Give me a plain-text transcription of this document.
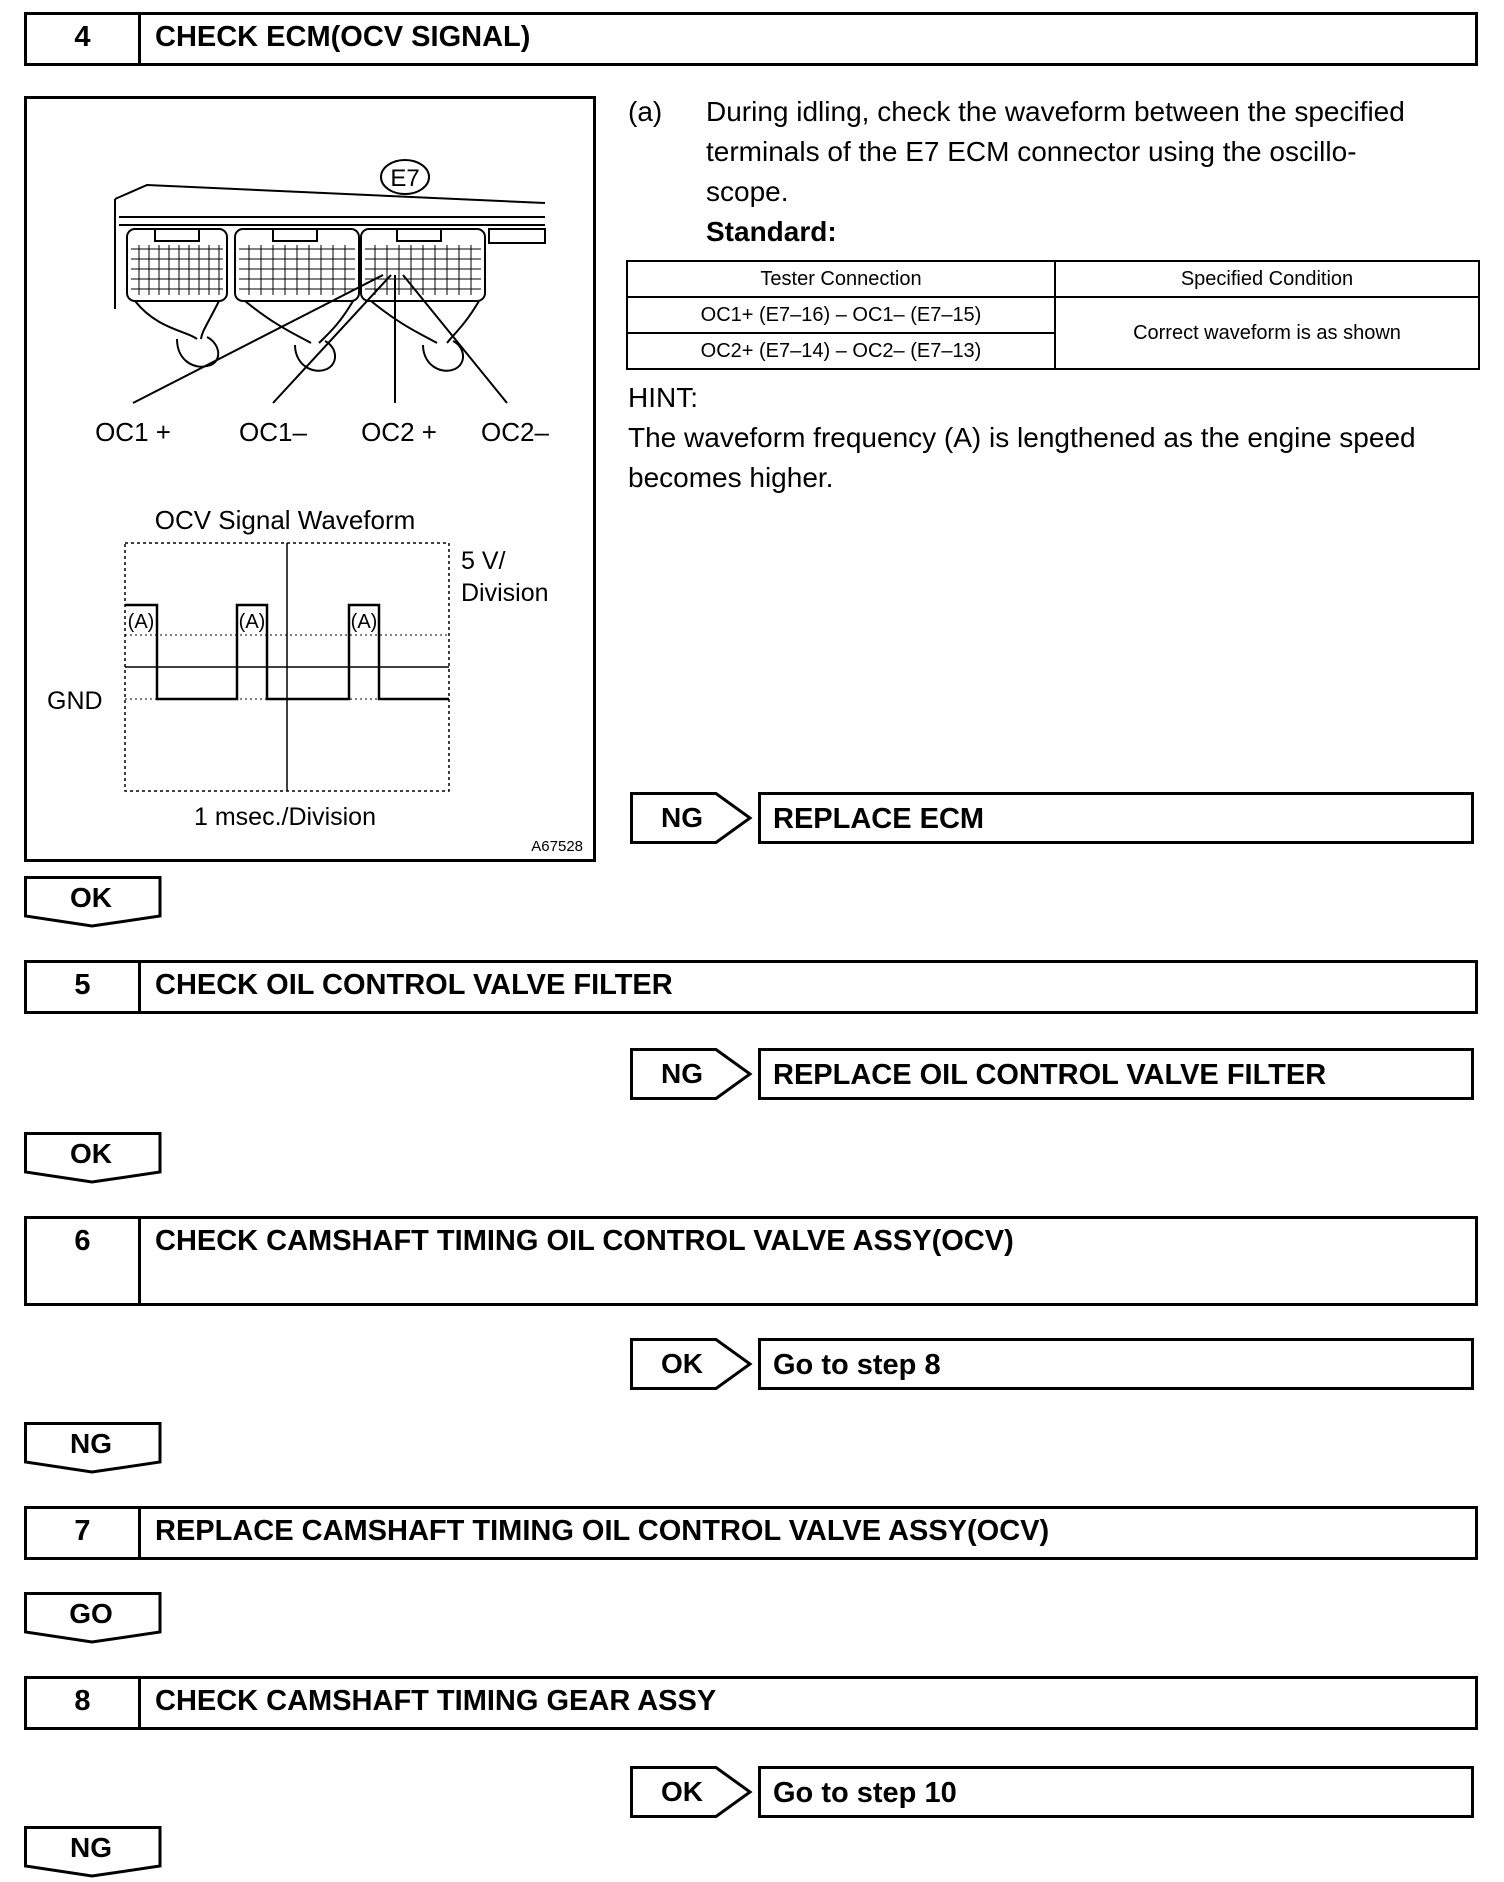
4	CHECK ECM(OCV SIGNAL)
E7
OC1 +	OC1– OC2 + OC2–
OCV Signal Waveform
(A)	(A)	(A)
5 V/
Division
GND
1 msec./Division
A67528
(a) During idling, check the waveform between the specified
terminals of the E7 ECM connector using the oscillo-
scope.
Standard:
Tester Connection	Specified Condition
OC1+ (E7–16) – OC1– (E7–15)	Correct waveform is as shown
OC2+ (E7–14) – OC2– (E7–13)	
HINT:
The waveform frequency (A) is lengthened as the engine speed
becomes higher.
NG	REPLACE ECM
OK
5	CHECK OIL CONTROL VALVE FILTER
NG	REPLACE OIL CONTROL VALVE FILTER
OK
6	CHECK CAMSHAFT TIMING OIL CONTROL VALVE ASSY(OCV)
OK	Go to step 8
NG
7	REPLACE CAMSHAFT TIMING OIL CONTROL VALVE ASSY(OCV)
GO
8	CHECK CAMSHAFT TIMING GEAR ASSY
OK	Go to step 10
NG
